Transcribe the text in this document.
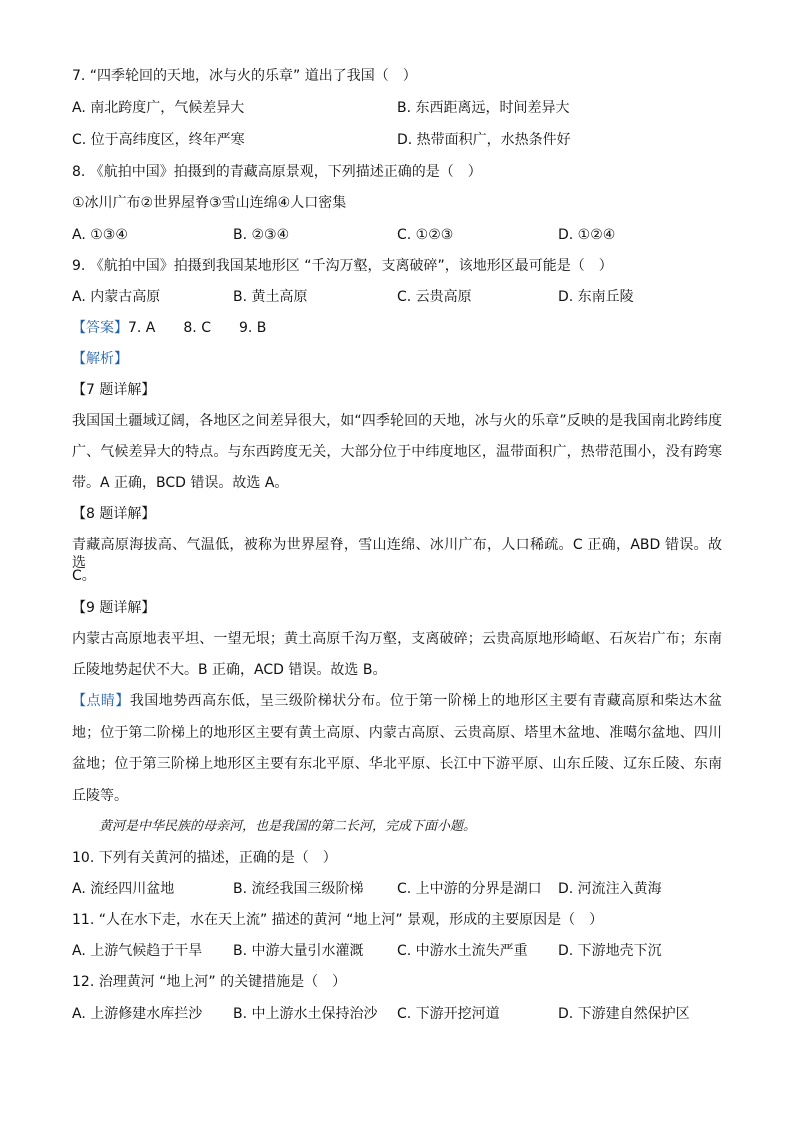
7. “四季轮回的天地，冰与火的乐章” 道出了我国（　）
A. 南北跨度广，气候差异大	B. 东西距离远，时间差异大
C. 位于高纬度区，终年严寒	D. 热带面积广，水热条件好
8. 《航拍中国》拍摄到的青藏高原景观，下列描述正确的是（　）
①冰川广布②世界屋脊③雪山连绵④人口密集
A. ①③④	B. ②③④	C. ①②③	D. ①②④
9. 《航拍中国》拍摄到我国某地形区 “千沟万壑，支离破碎”，该地形区最可能是（　）
A. 内蒙古高原	B. 黄土高原	C. 云贵高原	D. 东南丘陵
【答案】7. A 8. C 9. B
【解析】
【7 题详解】
我国国土疆域辽阔，各地区之间差异很大，如“四季轮回的天地，冰与火的乐章”反映的是我国南北跨纬度
广、气候差异大的特点。与东西跨度无关，大部分位于中纬度地区，温带面积广，热带范围小，没有跨寒
带。A 正确，BCD 错误。故选 A。
【8 题详解】
青藏高原海拔高、气温低，被称为世界屋脊，雪山连绵、冰川广布，人口稀疏。C 正确，ABD 错误。故选
C。
【9 题详解】
内蒙古高原地表平坦、一望无垠；黄土高原千沟万壑，支离破碎；云贵高原地形崎岖、石灰岩广布；东南
丘陵地势起伏不大。B 正确，ACD 错误。故选 B。
【点睛】我国地势西高东低，呈三级阶梯状分布。位于第一阶梯上的地形区主要有青藏高原和柴达木盆
地；位于第二阶梯上的地形区主要有黄土高原、内蒙古高原、云贵高原、塔里木盆地、准噶尔盆地、四川
盆地；位于第三阶梯上地形区主要有东北平原、华北平原、长江中下游平原、山东丘陵、辽东丘陵、东南
丘陵等。
黄河是中华民族的母亲河，也是我国的第二长河，完成下面小题。
10. 下列有关黄河的描述，正确的是（　）
A. 流经四川盆地	B. 流经我国三级阶梯 C. 上中游的分界是湖口 D. 河流注入黄海
11. “人在水下走，水在天上流” 描述的黄河 “地上河” 景观，形成的主要原因是（　）
A. 上游气候趋于干旱 B. 中游大量引水灌溉 C. 中游水土流失严重 D. 下游地壳下沉
12. 治理黄河 “地上河” 的关键措施是（　）
A. 上游修建水库拦沙 B. 中上游水土保持治沙 C. 下游开挖河道	D. 下游建自然保护区
